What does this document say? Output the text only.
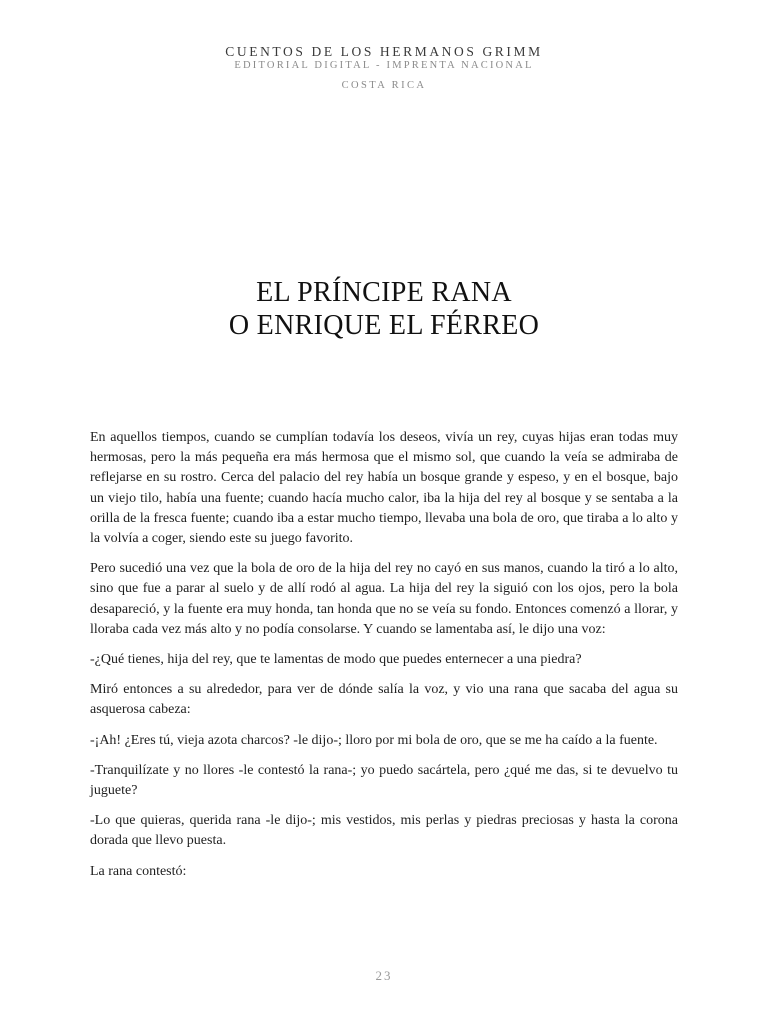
CUENTOS DE LOS HERMANOS GRIMM
EDITORIAL DIGITAL - IMPRENTA NACIONAL
COSTA RICA
EL PRÍNCIPE RANA
O ENRIQUE EL FÉRREO

En aquellos tiempos, cuando se cumplían todavía los deseos, vivía un rey, cuyas hijas eran todas muy hermosas, pero la más pequeña era más hermosa que el mismo sol, que cuando la veía se admiraba de reflejarse en su rostro. Cerca del palacio del rey había un bosque grande y espeso, y en el bosque, bajo un viejo tilo, había una fuente; cuando hacía mucho calor, iba la hija del rey al bosque y se sentaba a la orilla de la fresca fuente; cuando iba a estar mucho tiempo, llevaba una bola de oro, que tiraba a lo alto y la volvía a coger, siendo este su juego favorito.

Pero sucedió una vez que la bola de oro de la hija del rey no cayó en sus manos, cuando la tiró a lo alto, sino que fue a parar al suelo y de allí rodó al agua. La hija del rey la siguió con los ojos, pero la bola desapareció, y la fuente era muy honda, tan honda que no se veía su fondo. Entonces comenzó a llorar, y lloraba cada vez más alto y no podía consolarse. Y cuando se lamentaba así, le dijo una voz:

-¿Qué tienes, hija del rey, que te lamentas de modo que puedes enternecer a una piedra?

Miró entonces a su alrededor, para ver de dónde salía la voz, y vio una rana que sacaba del agua su asquerosa cabeza:

-¡Ah! ¿Eres tú, vieja azota charcos? -le dijo-; lloro por mi bola de oro, que se me ha caído a la fuente.

-Tranquilízate y no llores -le contestó la rana-; yo puedo sacártela, pero ¿qué me das, si te devuelvo tu juguete?

-Lo que quieras, querida rana -le dijo-; mis vestidos, mis perlas y piedras preciosas y hasta la corona dorada que llevo puesta.

La rana contestó:

23
